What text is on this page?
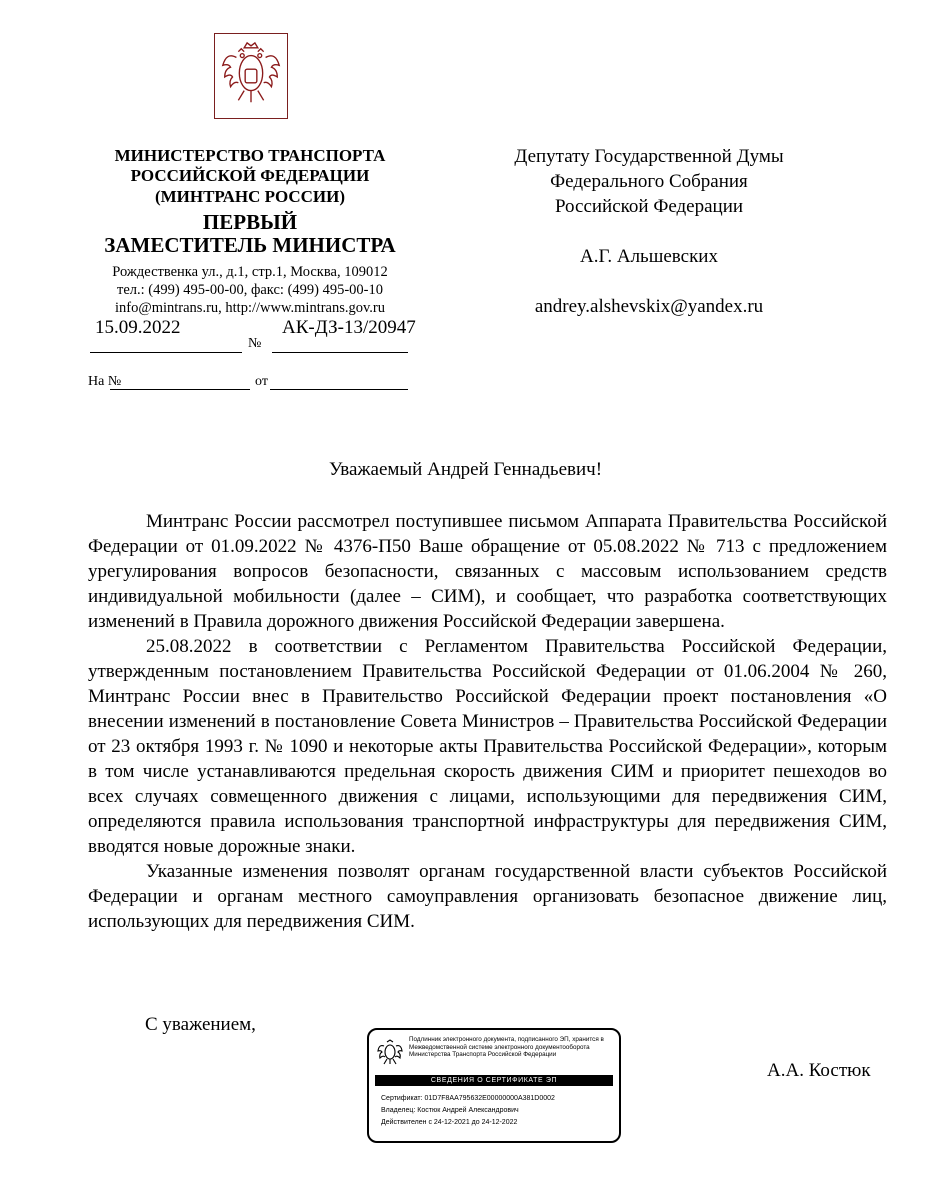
МИНИСТЕРСТВО ТРАНСПОРТА
РОССИЙСКОЙ ФЕДЕРАЦИИ
(МИНТРАНС РОССИИ)
ПЕРВЫЙ
ЗАМЕСТИТЕЛЬ МИНИСТРА
Рождественка ул., д.1, стр.1, Москва, 109012
тел.: (499) 495-00-00, факс: (499) 495-00-10
info@mintrans.ru, http://www.mintrans.gov.ru
15.09.2022	АК-ДЗ-13/20947
№
На №	от
Депутату Государственной Думы
Федерального Собрания
Российской Федерации
А.Г. Альшевских
andrey.alshevskix@yandex.ru
Уважаемый Андрей Геннадьевич!

Минтранс России рассмотрел поступившее письмом Аппарата Правительства Российской Федерации от 01.09.2022 № 4376-П50 Ваше обращение от 05.08.2022 № 713 с предложением урегулирования вопросов безопасности, связанных с массовым использованием средств индивидуальной мобильности (далее – СИМ), и сообщает, что разработка соответствующих изменений в Правила дорожного движения Российской Федерации завершена.

25.08.2022 в соответствии с Регламентом Правительства Российской Федерации, утвержденным постановлением Правительства Российской Федерации от 01.06.2004 № 260, Минтранс России внес в Правительство Российской Федерации проект постановления «О внесении изменений в постановление Совета Министров – Правительства Российской Федерации от 23 октября 1993 г. № 1090 и некоторые акты Правительства Российской Федерации», которым в том числе устанавливаются предельная скорость движения СИМ и приоритет пешеходов во всех случаях совмещенного движения с лицами, использующими для передвижения СИМ, определяются правила использования транспортной инфраструктуры для передвижения СИМ, вводятся новые дорожные знаки.

Указанные изменения позволят органам государственной власти субъектов Российской Федерации и органам местного самоуправления организовать безопасное движение лиц, использующих для передвижения СИМ.

С уважением,
А.А. Костюк
Подлинник электронного документа, подписанного ЭП, хранится в Межведомственной системе электронного документооборота Министерства Транспорта Российской Федерации
СВЕДЕНИЯ О СЕРТИФИКАТЕ ЭП
Сертификат: 01D7F8AA795632E00000000A381D0002
Владелец: Костюк Андрей Александрович
Действителен с 24-12-2021 до 24-12-2022
